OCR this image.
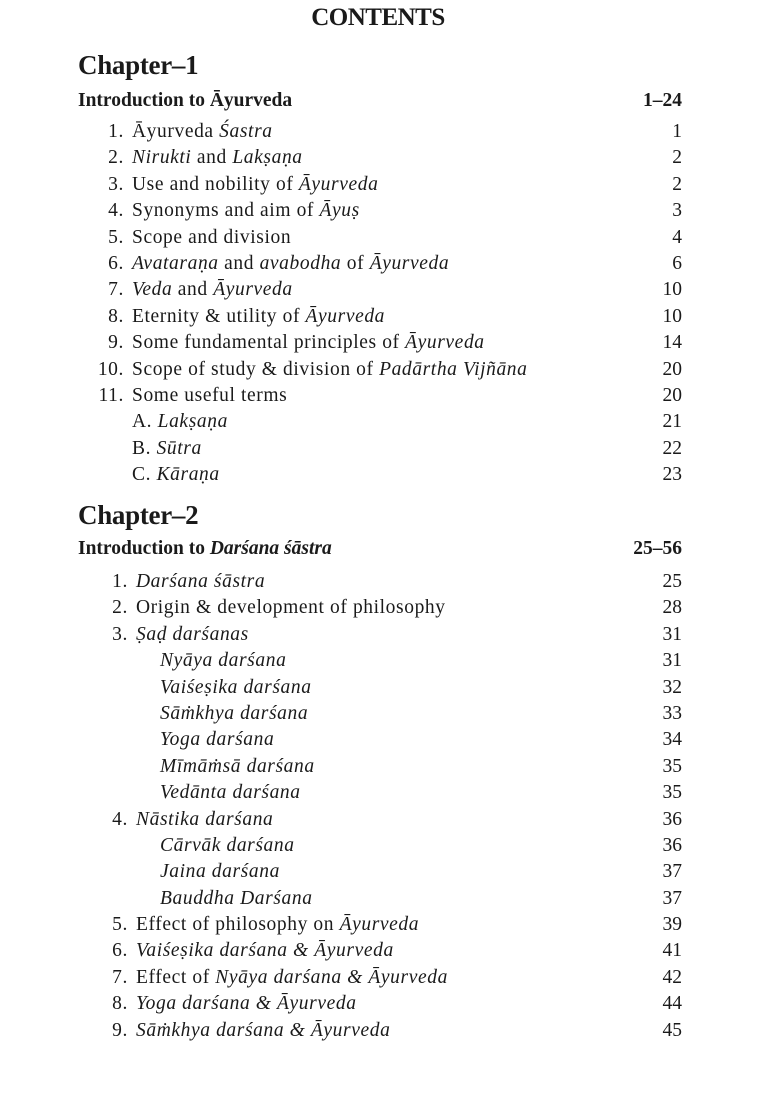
CONTENTS
Chapter–1
Introduction to Āyurveda	1–24
1. Āyurveda Śastra	1
2. Nirukti and Lakṣaṇa	2
3. Use and nobility of Āyurveda	2
4. Synonyms and aim of Āyuṣ	3
5. Scope and division	4
6. Avataraṇa and avabodha of Āyurveda	6
7. Veda and Āyurveda	10
8. Eternity & utility of Āyurveda	10
9. Some fundamental principles of Āyurveda	14
10. Scope of study & division of Padārtha Vijñāna	20
11. Some useful terms	20
A. Lakṣaṇa	21
B. Sūtra	22
C. Kāraṇa	23
Chapter–2
Introduction to Darśana śāstra	25–56
1. Darśana śāstra	25
2. Origin & development of philosophy	28
3. Ṣaḍ darśanas	31
Nyāya darśana	31
Vaiśeṣika darśana	32
Sāṁkhya darśana	33
Yoga darśana	34
Mīmāṁsā darśana	35
Vedānta darśana	35
4. Nāstika darśana	36
Cārvāk darśana	36
Jaina darśana	37
Bauddha Darśana	37
5. Effect of philosophy on Āyurveda	39
6. Vaiśeṣika darśana & Āyurveda	41
7. Effect of Nyāya darśana & Āyurveda	42
8. Yoga darśana & Āyurveda	44
9. Sāṁkhya darśana & Āyurveda	45
